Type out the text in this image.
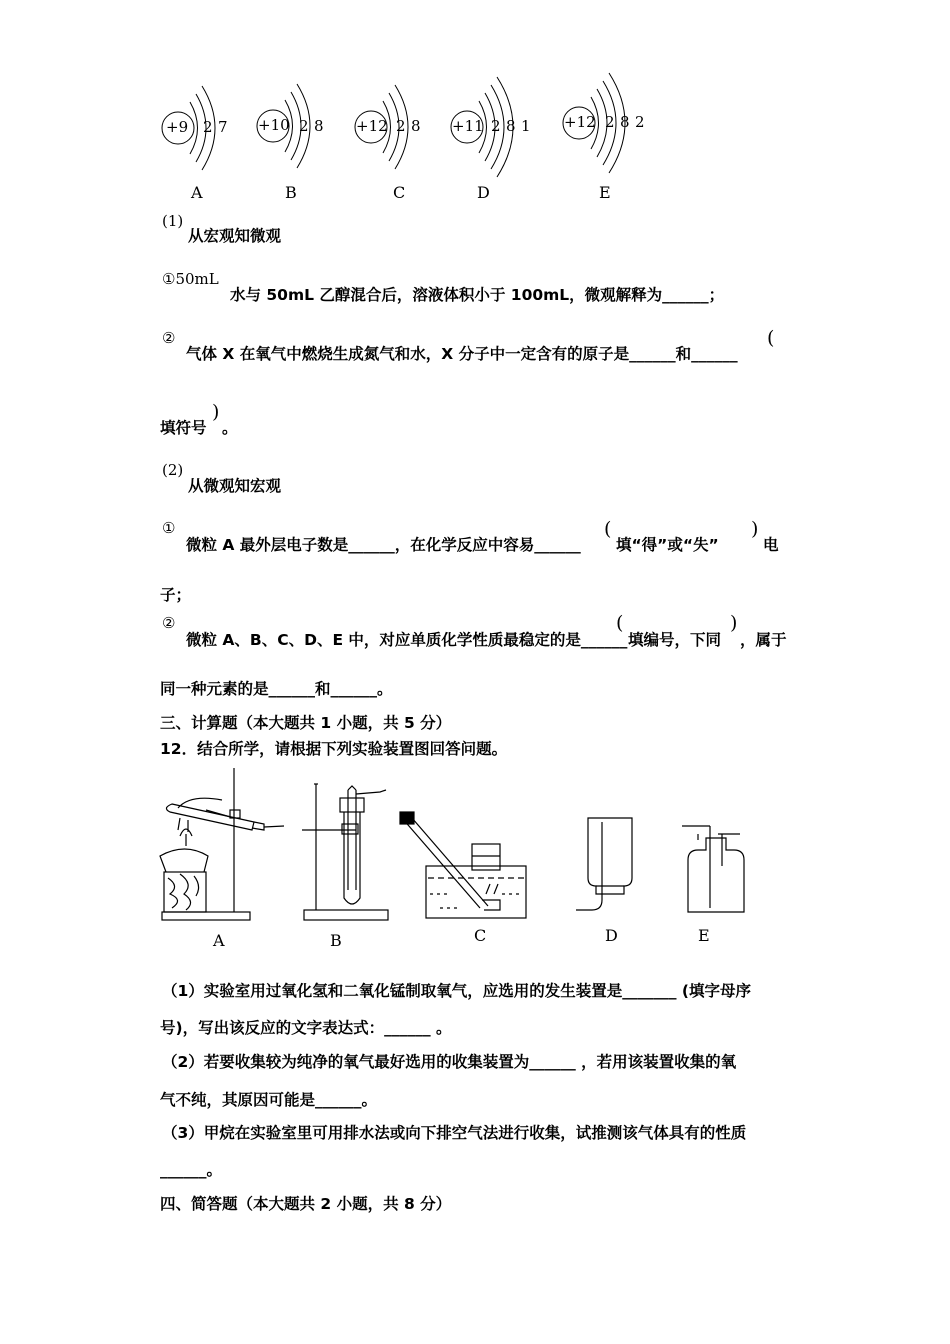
+9 2 7
A
+10 2 8
B
+12 2 8
C
+11 2 8 1
D
+12 2 8 2
E
(1)
从宏观知微观
①50mL
水与 50mL 乙醇混合后，溶液体积小于 100mL，微观解释为______；
②
气体 X 在氧气中燃烧生成氮气和水，X 分子中一定含有的原子是______和______
(
填符号
)
。
(2)
从微观知宏观
①
微粒 A 最外层电子数是______，在化学反应中容易______
(
填“得”或“失”
)
电
子；
②
微粒 A、B、C、D、E 中，对应单质化学性质最稳定的是______
(
填编号，下同
)
，属于
同一种元素的是______和______。
三、计算题（本大题共 1 小题，共 5 分）
12．结合所学，请根据下列实验装置图回答问题。
A	B	C	D	E
（1）实验室用过氧化氢和二氧化锰制取氧气，应选用的发生装置是_______ (填字母序
号)，写出该反应的文字表达式：______ 。
（2）若要收集较为纯净的氧气最好选用的收集装置为______ ，若用该装置收集的氧
气不纯，其原因可能是______。
（3）甲烷在实验室里可用排水法或向下排空气法进行收集，试推测该气体具有的性质
______。
四、简答题（本大题共 2 小题，共 8 分）
